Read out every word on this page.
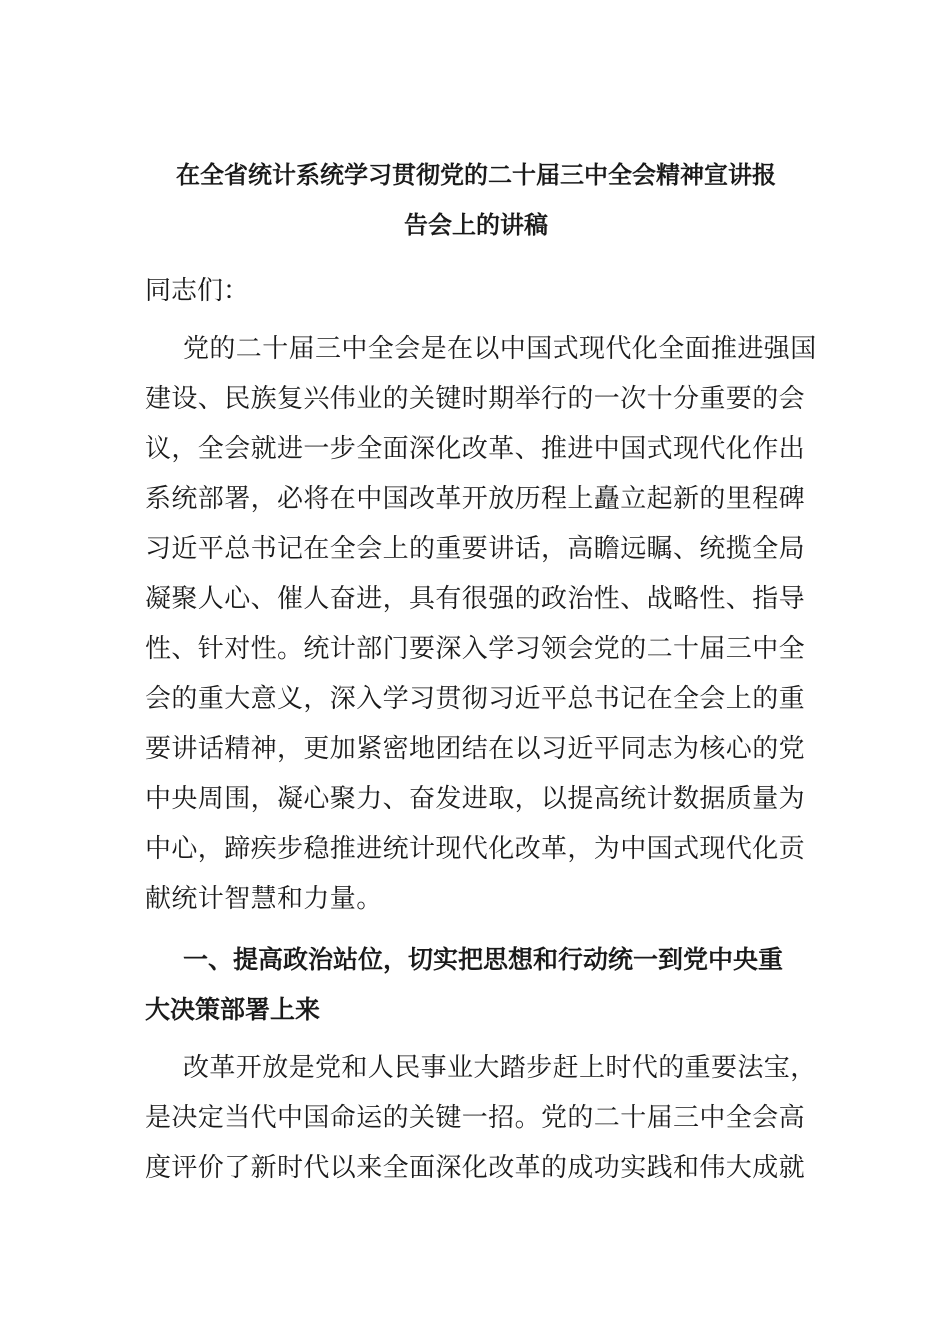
在全省统计系统学习贯彻党的二十届三中全会精神宣讲报
告会上的讲稿
同志们：
党的二十届三中全会是在以中国式现代化全面推进强国
建设、民族复兴伟业的关键时期举行的一次十分重要的会
议，全会就进一步全面深化改革、推进中国式现代化作出
系统部署，必将在中国改革开放历程上矗立起新的里程碑
习近平总书记在全会上的重要讲话，高瞻远瞩、统揽全局
凝聚人心、催人奋进，具有很强的政治性、战略性、指导
性、针对性。统计部门要深入学习领会党的二十届三中全
会的重大意义，深入学习贯彻习近平总书记在全会上的重
要讲话精神，更加紧密地团结在以习近平同志为核心的党
中央周围，凝心聚力、奋发进取，以提高统计数据质量为
中心，蹄疾步稳推进统计现代化改革，为中国式现代化贡
献统计智慧和力量。
一、提高政治站位，切实把思想和行动统一到党中央重
大决策部署上来
改革开放是党和人民事业大踏步赶上时代的重要法宝，
是决定当代中国命运的关键一招。党的二十届三中全会高
度评价了新时代以来全面深化改革的成功实践和伟大成就
